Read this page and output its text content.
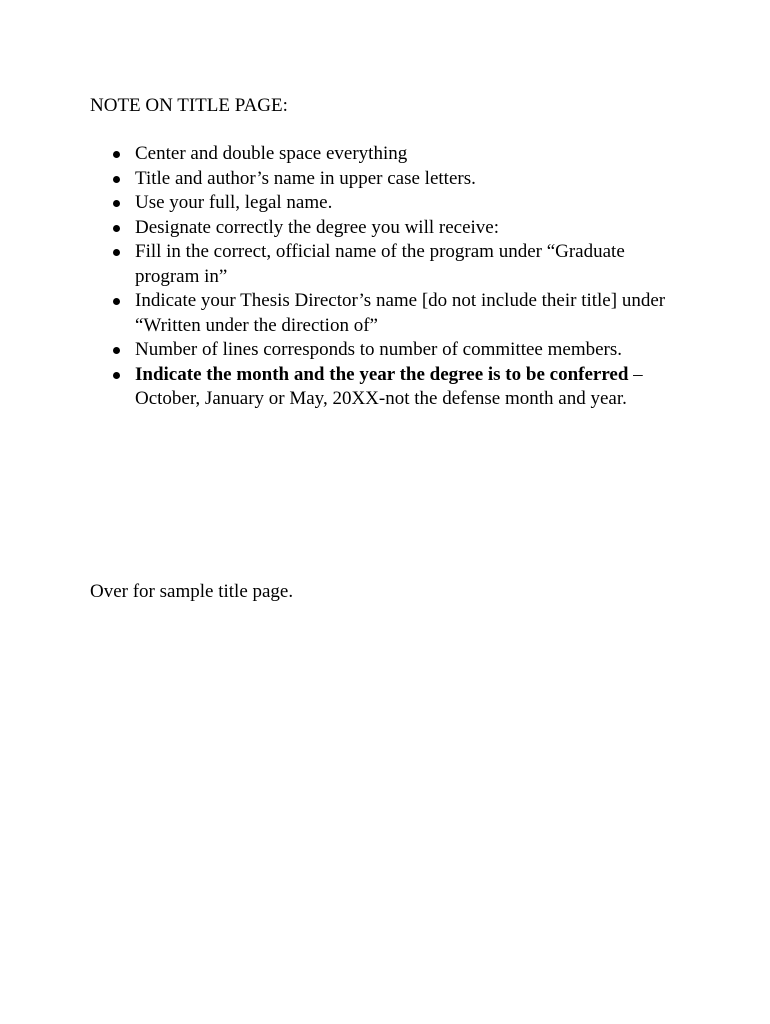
NOTE ON TITLE PAGE:

Center and double space everything
Title and author’s name in upper case letters.
Use your full, legal name.
Designate correctly the degree you will receive:
Fill in the correct, official name of the program under “Graduate program in”
Indicate your Thesis Director’s name [do not include their title] under “Written under the direction of”
Number of lines corresponds to number of committee members.
Indicate the month and the year the degree is to be conferred – October, January or May, 20XX-not the defense month and year.

Over for sample title page.
